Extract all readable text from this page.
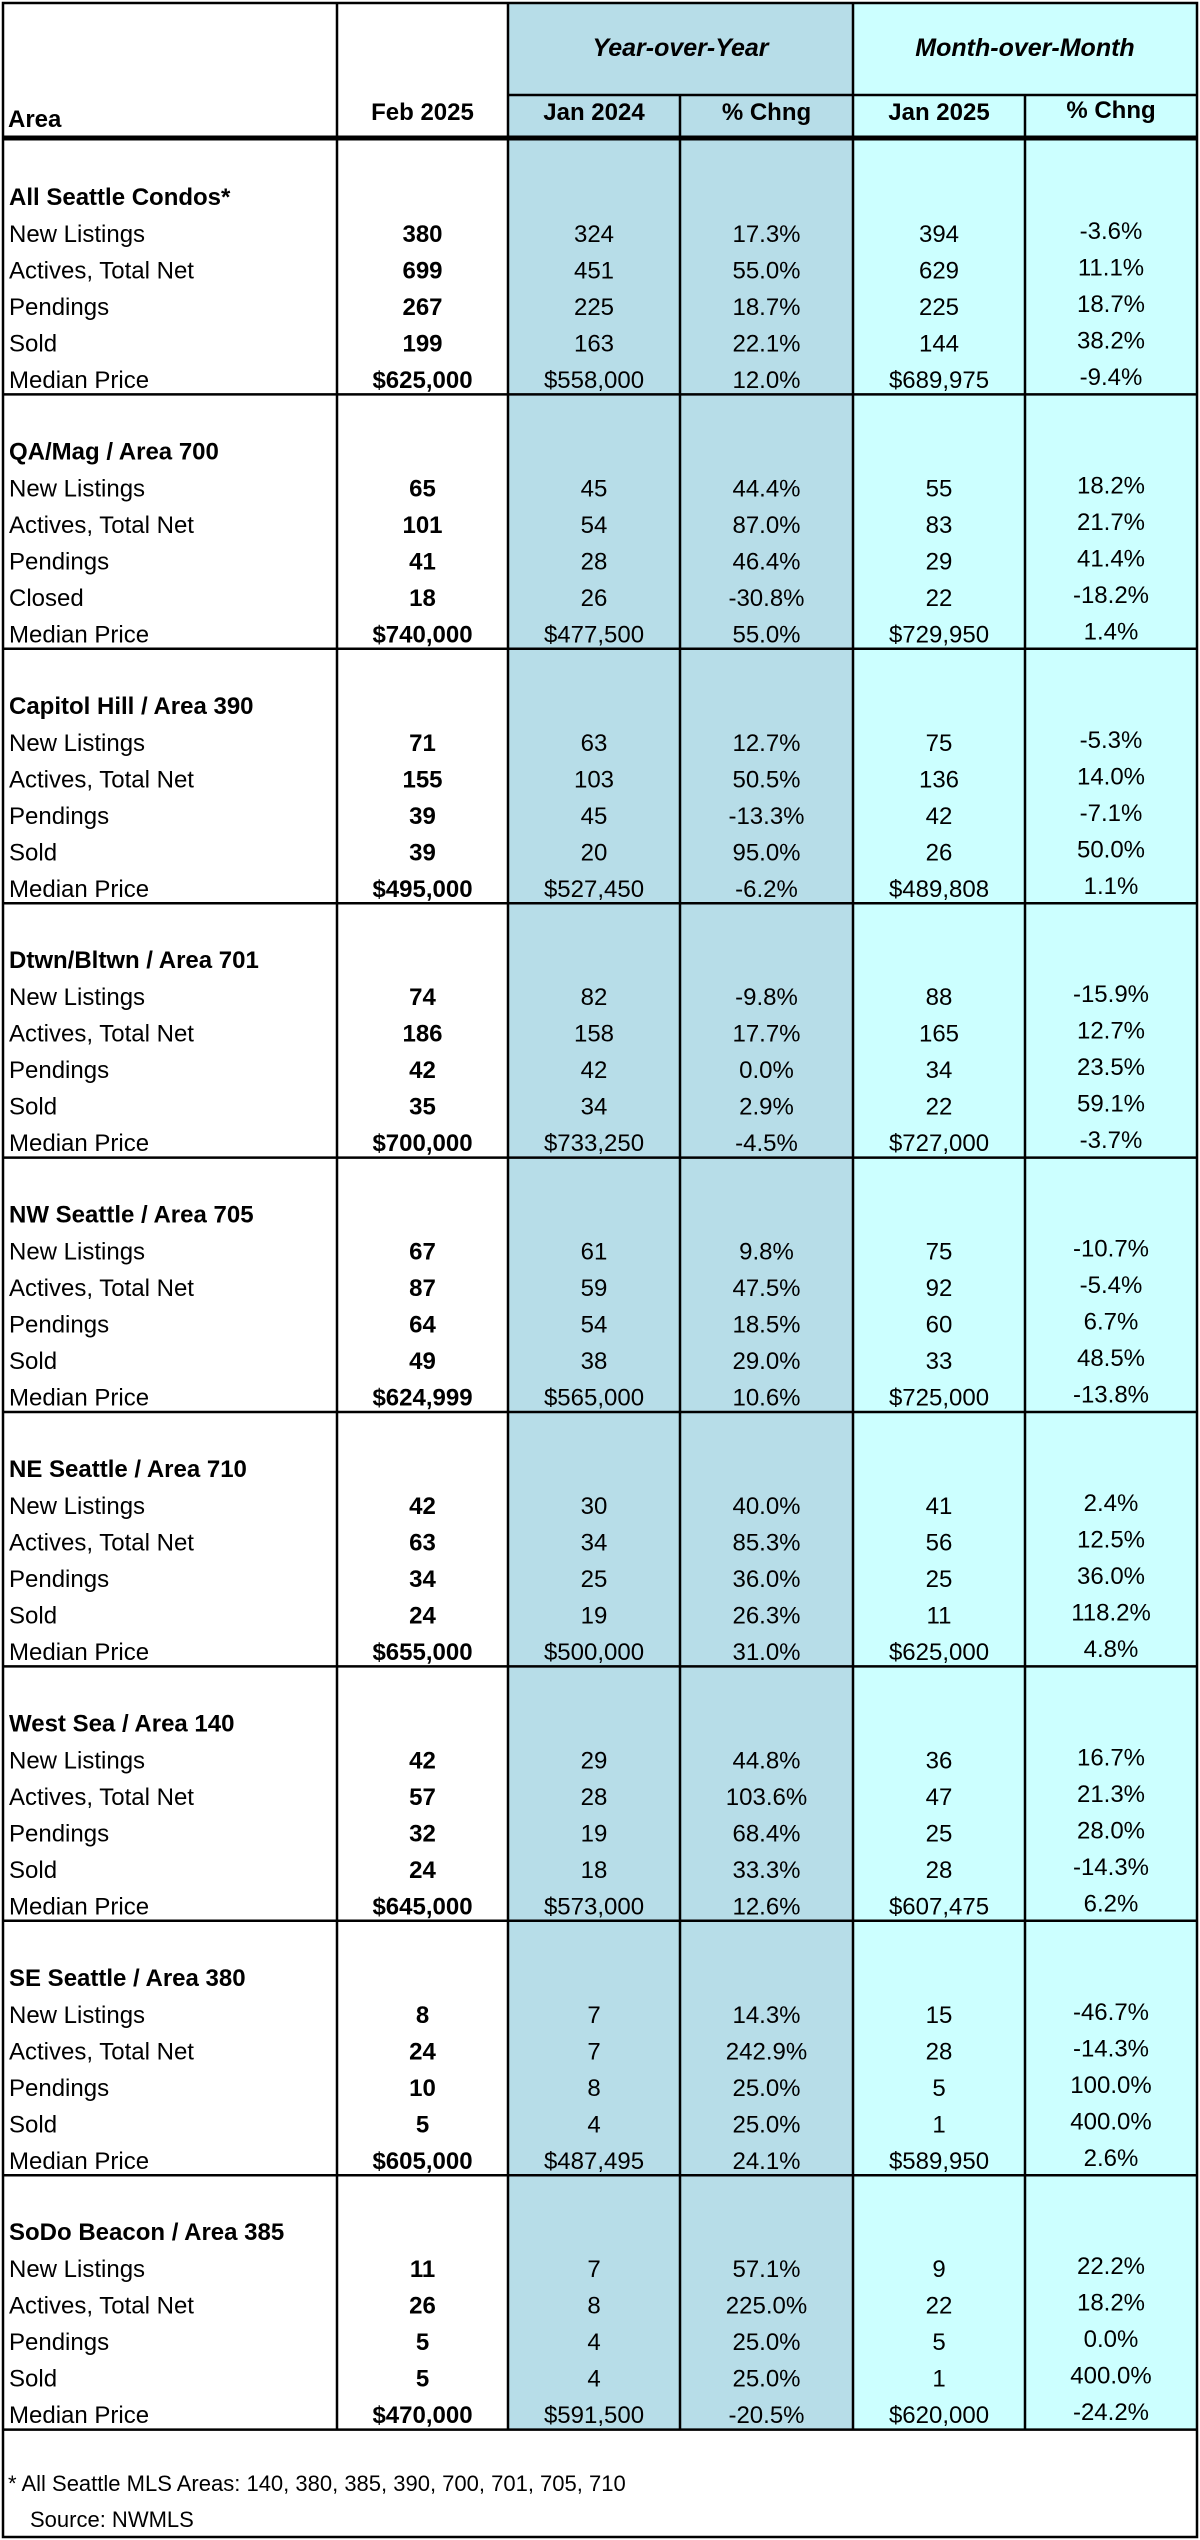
Year-over-Year	Month-over-Month
Area	Feb 2025	Jan 2024	% Chng	Jan 2025	% Chng
All Seattle Condos*
New Listings	380	324	17.3%	394	-3.6%
Actives, Total Net	699	451	55.0%	629	11.1%
Pendings	267	225	18.7%	225	18.7%
Sold	199	163	22.1%	144	38.2%
Median Price	$625,000	$558,000	12.0%	$689,975	-9.4%
QA/Mag / Area 700
New Listings	65	45	44.4%	55	18.2%
Actives, Total Net	101	54	87.0%	83	21.7%
Pendings	41	28	46.4%	29	41.4%
Closed	18	26	-30.8%	22	-18.2%
Median Price	$740,000	$477,500	55.0%	$729,950	1.4%
Capitol Hill / Area 390
New Listings	71	63	12.7%	75	-5.3%
Actives, Total Net	155	103	50.5%	136	14.0%
Pendings	39	45	-13.3%	42	-7.1%
Sold	39	20	95.0%	26	50.0%
Median Price	$495,000	$527,450	-6.2%	$489,808	1.1%
Dtwn/Bltwn / Area 701
New Listings	74	82	-9.8%	88	-15.9%
Actives, Total Net	186	158	17.7%	165	12.7%
Pendings	42	42	0.0%	34	23.5%
Sold	35	34	2.9%	22	59.1%
Median Price	$700,000	$733,250	-4.5%	$727,000	-3.7%
NW Seattle / Area 705
New Listings	67	61	9.8%	75	-10.7%
Actives, Total Net	87	59	47.5%	92	-5.4%
Pendings	64	54	18.5%	60	6.7%
Sold	49	38	29.0%	33	48.5%
Median Price	$624,999	$565,000	10.6%	$725,000	-13.8%
NE Seattle / Area 710
New Listings	42	30	40.0%	41	2.4%
Actives, Total Net	63	34	85.3%	56	12.5%
Pendings	34	25	36.0%	25	36.0%
Sold	24	19	26.3%	11	118.2%
Median Price	$655,000	$500,000	31.0%	$625,000	4.8%
West Sea / Area 140
New Listings	42	29	44.8%	36	16.7%
Actives, Total Net	57	28	103.6%	47	21.3%
Pendings	32	19	68.4%	25	28.0%
Sold	24	18	33.3%	28	-14.3%
Median Price	$645,000	$573,000	12.6%	$607,475	6.2%
SE Seattle / Area 380
New Listings	8	7	14.3%	15	-46.7%
Actives, Total Net	24	7	242.9%	28	-14.3%
Pendings	10	8	25.0%	5	100.0%
Sold	5	4	25.0%	1	400.0%
Median Price	$605,000	$487,495	24.1%	$589,950	2.6%
SoDo Beacon / Area 385
New Listings	11	7	57.1%	9	22.2%
Actives, Total Net	26	8	225.0%	22	18.2%
Pendings	5	4	25.0%	5	0.0%
Sold	5	4	25.0%	1	400.0%
Median Price	$470,000	$591,500	-20.5%	$620,000	-24.2%
* All Seattle MLS Areas: 140, 380, 385, 390, 700, 701, 705, 710
Source: NWMLS
